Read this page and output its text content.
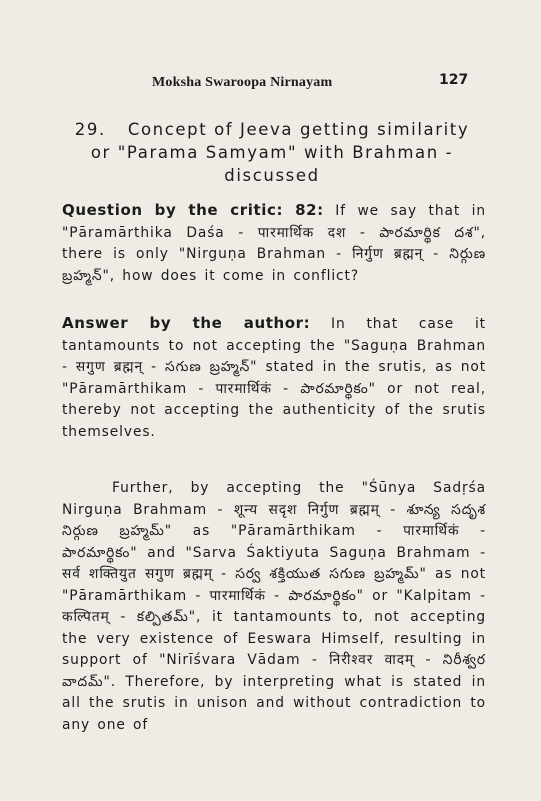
Moksha Swaroopa Nirnayam	127
29. Concept of Jeeva getting similarity or "Parama Samyam" with Brahman - discussed

Question by the critic: 82: If we say that in "Pāramārthika Daśa - पारमार्थिक दश - పారమార్థిక దశ", there is only "Nirguṇa Brahman - निर्गुण ब्रह्मन् - నిర్గుణ బ్రహ్మన్", how does it come in conflict?

Answer by the author: In that case it tantamounts to not accepting the "Saguṇa Brahman - सगुण ब्रह्मन् - సగుణ బ్రహ్మన్" stated in the srutis, as not "Pāramārthikam - पारमार्थिकं - పారమార్థికం" or not real, thereby not accepting the authenticity of the srutis themselves.

Further, by accepting the "Śūnya Sadṛśa Nirguṇa Brahmam - शून्य सदृश निर्गुण ब्रह्मम् - శూన్య సదృశ నిర్గుణ బ్రహ్మమ్" as "Pāramārthikam - पारमार्थिकं - పారమార్థికం" and "Sarva Śaktiyuta Saguṇa Brahmam - सर्व शक्तियुत सगुण ब्रह्मम् - సర్వ శక్తియుత సగుణ బ్రహ్మమ్" as not "Pāramārthikam - पारमार्थिकं - పారమార్థికం" or "Kalpitam - कल्पितम् - కల్పితమ్", it tantamounts to, not accepting the very existence of Eeswara Himself, resulting in support of "Nirīśvara Vādam - निरीश्वर वादम् - నిరీశ్వర వాదమ్". Therefore, by interpreting what is stated in all the srutis in unison and without contradiction to any one of
